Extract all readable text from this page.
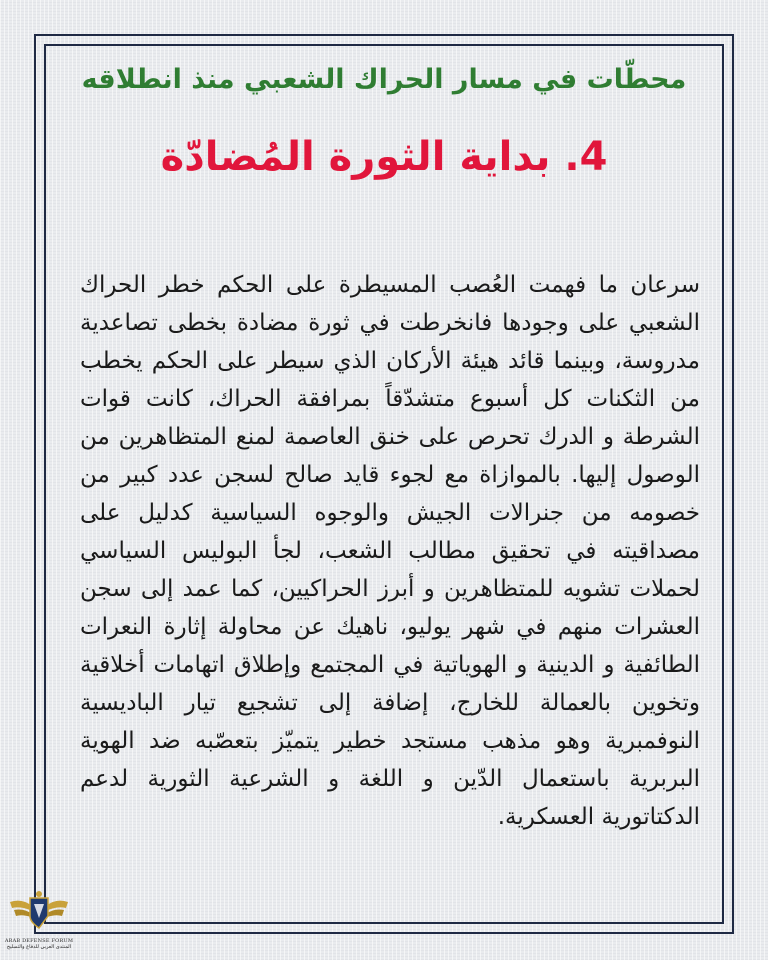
محطّات في مسار الحراك الشعبي منذ انطلاقه
4. بداية الثورة المُضادّة
سرعان ما فهمت العُصب المسيطرة على الحكم خطر الحراك الشعبي على وجودها فانخرطت في ثورة مضادة بخطى تصاعدية مدروسة، وبينما قائد هيئة الأركان الذي سيطر على الحكم يخطب من الثكنات كل أسبوع متشدّقاً بمرافقة الحراك، كانت قوات الشرطة و الدرك تحرص على خنق العاصمة لمنع المتظاهرين من الوصول إليها. بالموازاة مع لجوء قايد صالح لسجن عدد كبير من خصومه من جنرالات الجيش والوجوه السياسية كدليل على مصداقيته في تحقيق مطالب الشعب، لجأ البوليس السياسي لحملات تشويه للمتظاهرين و أبرز الحراكيين، كما عمد إلى سجن العشرات منهم في شهر يوليو، ناهيك عن محاولة إثارة النعرات الطائفية و الدينية و الهوياتية في المجتمع وإطلاق اتهامات أخلاقية وتخوين بالعمالة للخارج، إضافة إلى تشجيع تيار الباديسية النوفمبرية وهو مذهب مستجد خطير يتميّز بتعصّبه ضد الهوية البربرية باستعمال الدّين و اللغة و الشرعية الثورية لدعم الدكتاتورية العسكرية.
ARAB DEFENSE FORUM
المنتدى العربي للدفاع والتسليح
